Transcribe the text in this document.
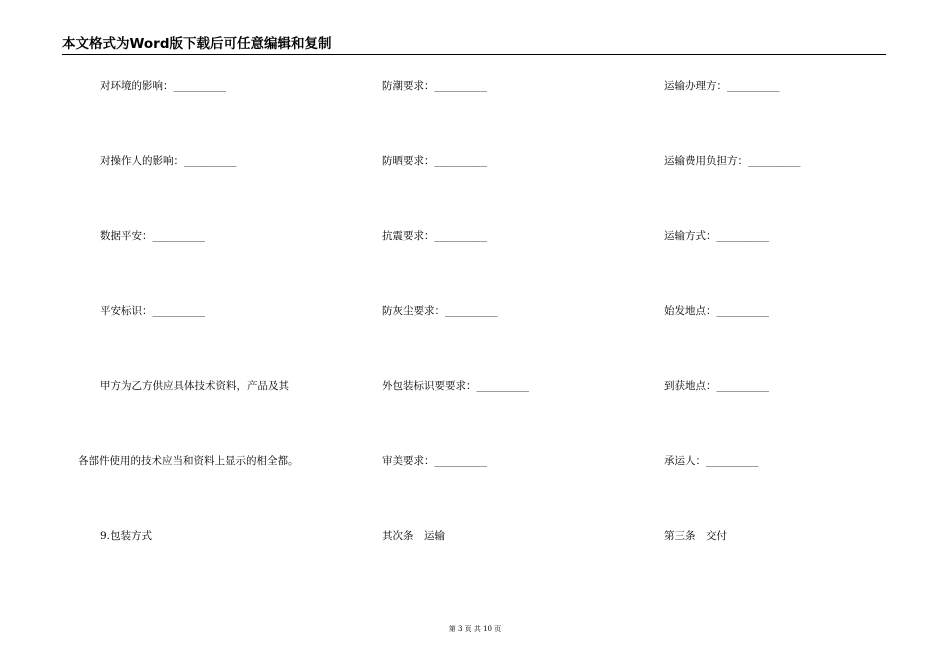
本文格式为Word版下载后可任意编辑和复制
对环境的影响：__________
对操作人的影响：__________
数据平安：__________
平安标识：__________
甲方为乙方供应具体技术资料，产品及其
各部件使用的技术应当和资料上显示的相全都。
9.包装方式
防潮要求：__________
防晒要求：__________
抗震要求：__________
防灰尘要求：__________
外包装标识要要求：__________
审美要求：__________
其次条　运输
运输办理方：__________
运输费用负担方：__________
运输方式：__________
始发地点：__________
到获地点：__________
承运人：__________
第三条　交付
第 3 页 共 10 页
